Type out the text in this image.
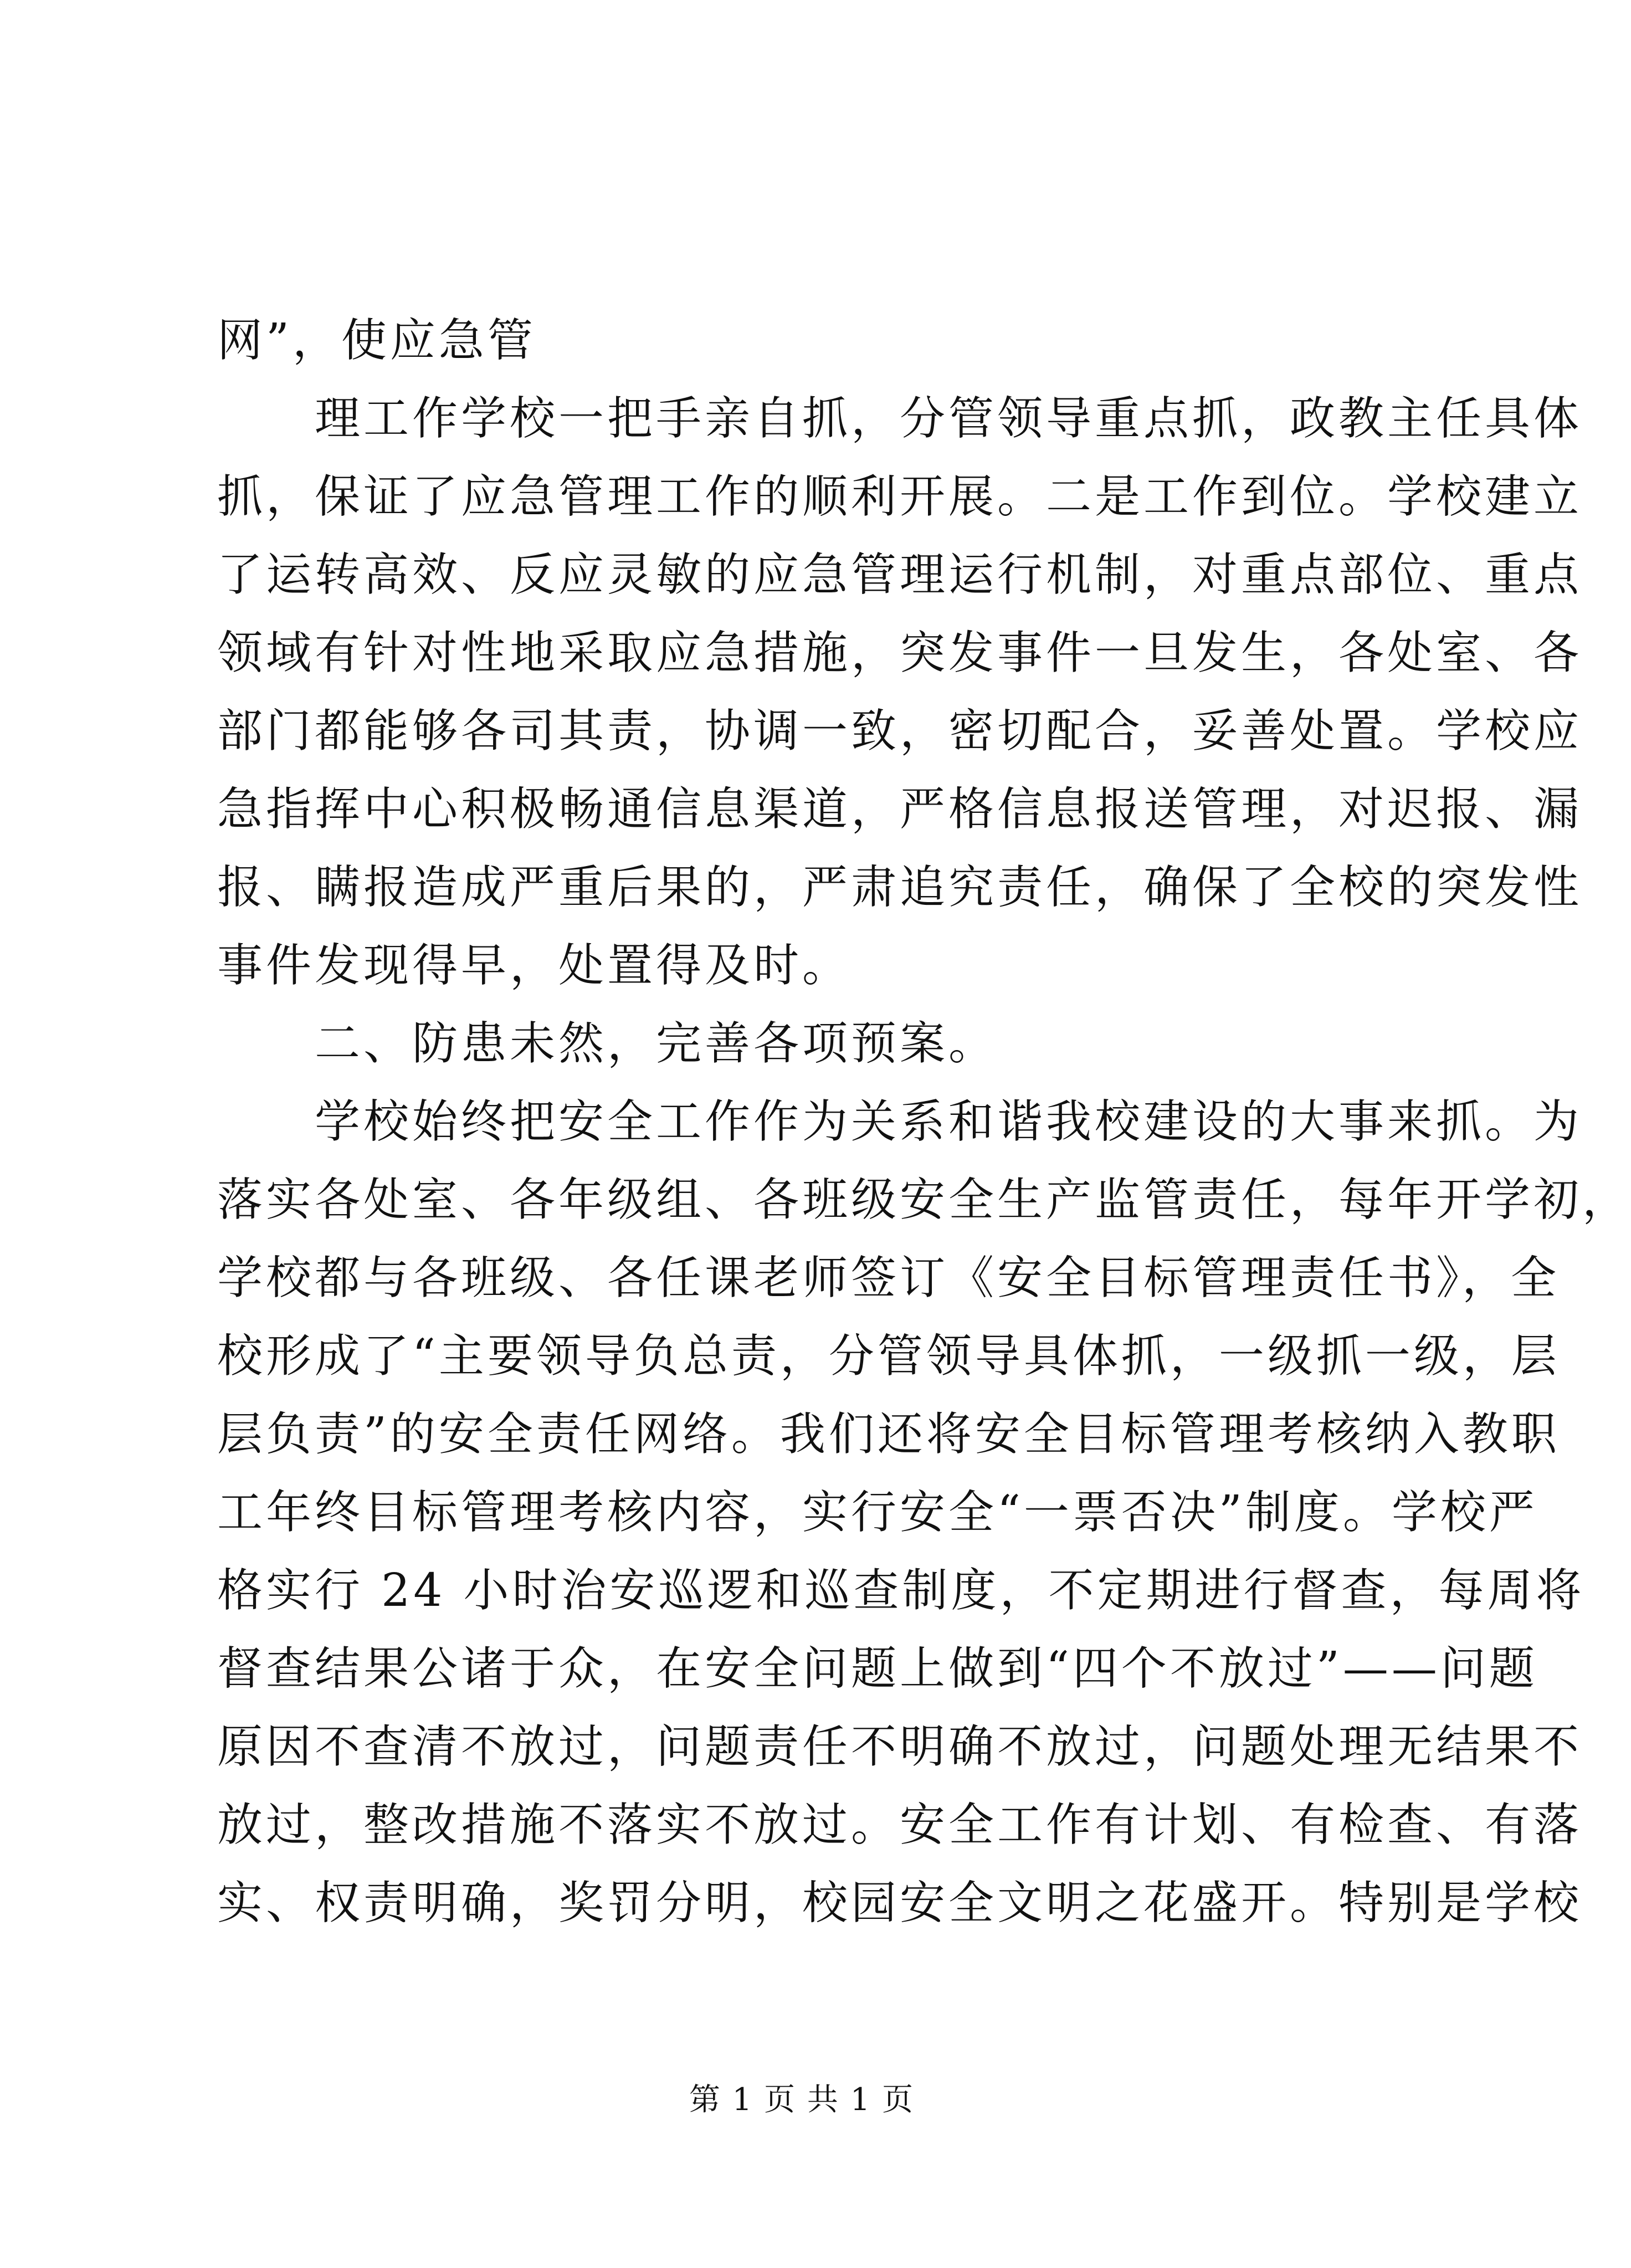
网”，使应急管
理工作学校一把手亲自抓，分管领导重点抓，政教主任具体
抓，保证了应急管理工作的顺利开展。二是工作到位。学校建立
了运转高效、反应灵敏的应急管理运行机制，对重点部位、重点
领域有针对性地采取应急措施，突发事件一旦发生，各处室、各
部门都能够各司其责，协调一致，密切配合，妥善处置。学校应
急指挥中心积极畅通信息渠道，严格信息报送管理，对迟报、漏
报、瞒报造成严重后果的，严肃追究责任，确保了全校的突发性
事件发现得早，处置得及时。
二、防患未然，完善各项预案。
学校始终把安全工作作为关系和谐我校建设的大事来抓。为
落实各处室、各年级组、各班级安全生产监管责任，每年开学初，
学校都与各班级、各任课老师签订《安全目标管理责任书》，全
校形成了“主要领导负总责，分管领导具体抓，一级抓一级，层
层负责”的安全责任网络。我们还将安全目标管理考核纳入教职
工年终目标管理考核内容，实行安全“一票否决”制度。学校严
格实行 24 小时治安巡逻和巡查制度，不定期进行督查，每周将
督查结果公诸于众，在安全问题上做到“四个不放过”——问题
原因不查清不放过，问题责任不明确不放过，问题处理无结果不
放过，整改措施不落实不放过。安全工作有计划、有检查、有落
实、权责明确，奖罚分明，校园安全文明之花盛开。特别是学校
第 1 页 共 1 页
